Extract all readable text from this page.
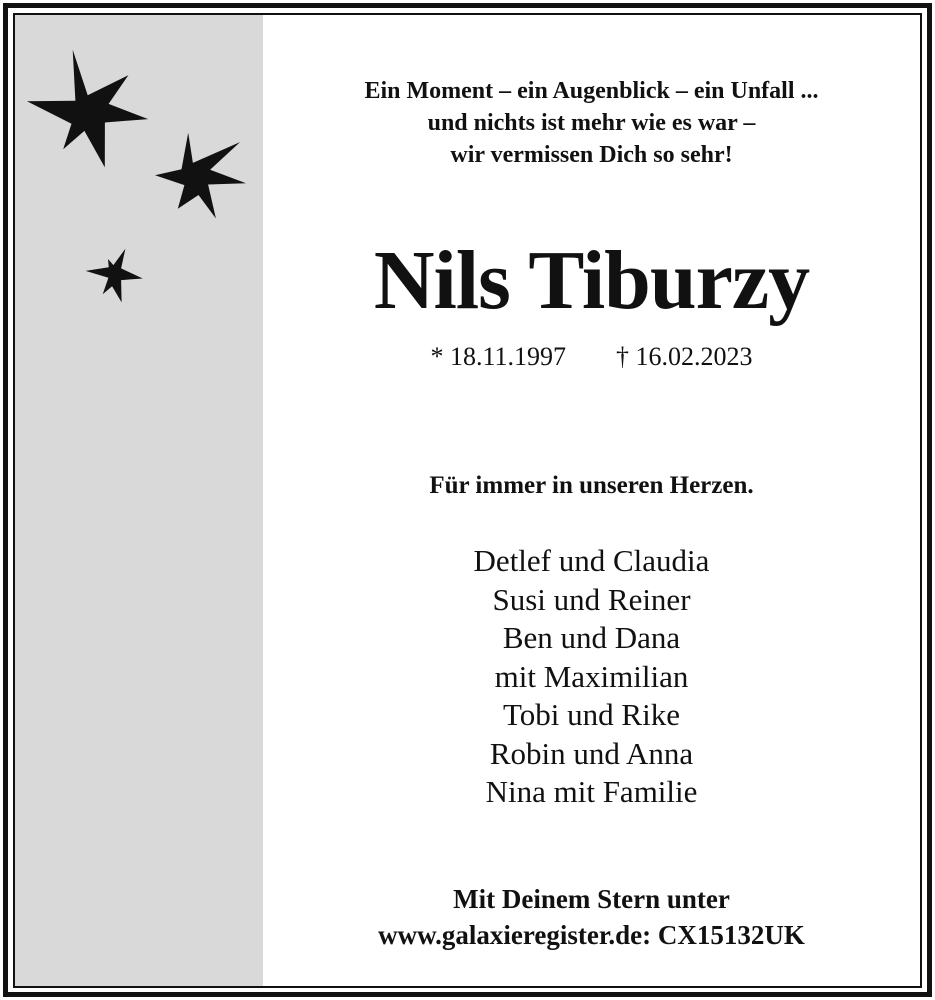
Ein Moment – ein Augenblick – ein Unfall ...
und nichts ist mehr wie es war –
wir vermissen Dich so sehr!
Nils Tiburzy
* 18.11.1997 † 16.02.2023
Für immer in unseren Herzen.
Detlef und Claudia
Susi und Reiner
Ben und Dana
mit Maximilian
Tobi und Rike
Robin und Anna
Nina mit Familie
Mit Deinem Stern unter
www.galaxieregister.de: CX15132UK
